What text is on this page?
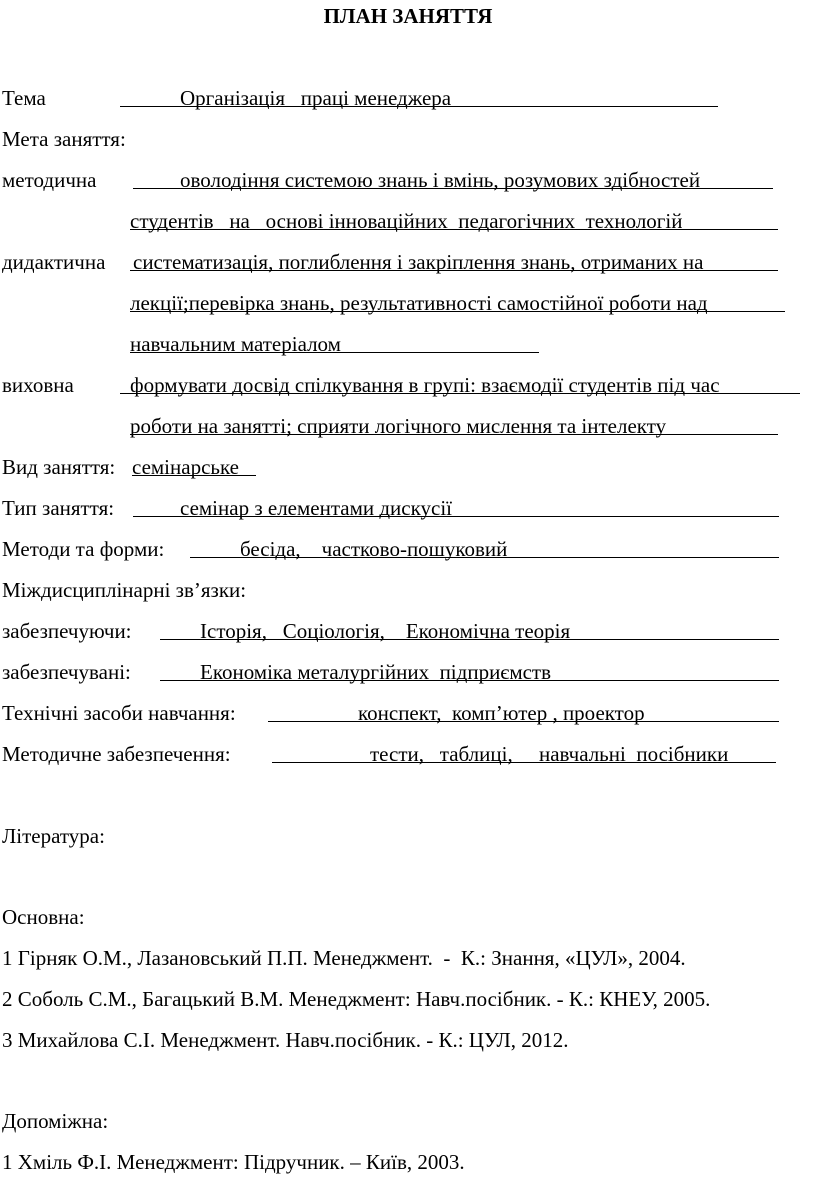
ПЛАН ЗАНЯТТЯ
Тема	Організація   праці менеджера
Мета заняття:
методична	оволодіння системою знань і вмінь, розумових здібностей
студентів   на   основі інноваційних  педагогічних  технологій
дидактична систематизація, поглиблення і закріплення знань, отриманих на
лекції;перевірка знань, результативності самостійної роботи над
навчальним матеріалом
виховна	формувати досвід спілкування в групі: взаємодії студентів під час
роботи на занятті; сприяти логічного мислення та інтелекту
Вид заняття: семінарське
Тип заняття:	семінар з елементами дискусії
Методи та форми:	бесіда,    частково-пошуковий
Міждисциплінарні зв’язки:
забезпечуючи:	Історія,   Соціологія,    Економічна теорія
забезпечувані:	Економіка металургійних  підприємств
Технічні засоби навчання:	конспект,  комп’ютер , проектор
Методичне забезпечення:	тести,   таблиці,     навчальні  посібники
Література:
Основна:
1 Гірняк О.М., Лазановський П.П. Менеджмент.  -  К.: Знання, «ЦУЛ», 2004.
2 Соболь С.М., Багацький В.М. Менеджмент: Навч.посібник. - К.: КНЕУ, 2005.
3 Михайлова С.І. Менеджмент. Навч.посібник. - К.: ЦУЛ, 2012.
Допоміжна:
1 Хміль Ф.І. Менеджмент: Підручник. – Київ, 2003.
